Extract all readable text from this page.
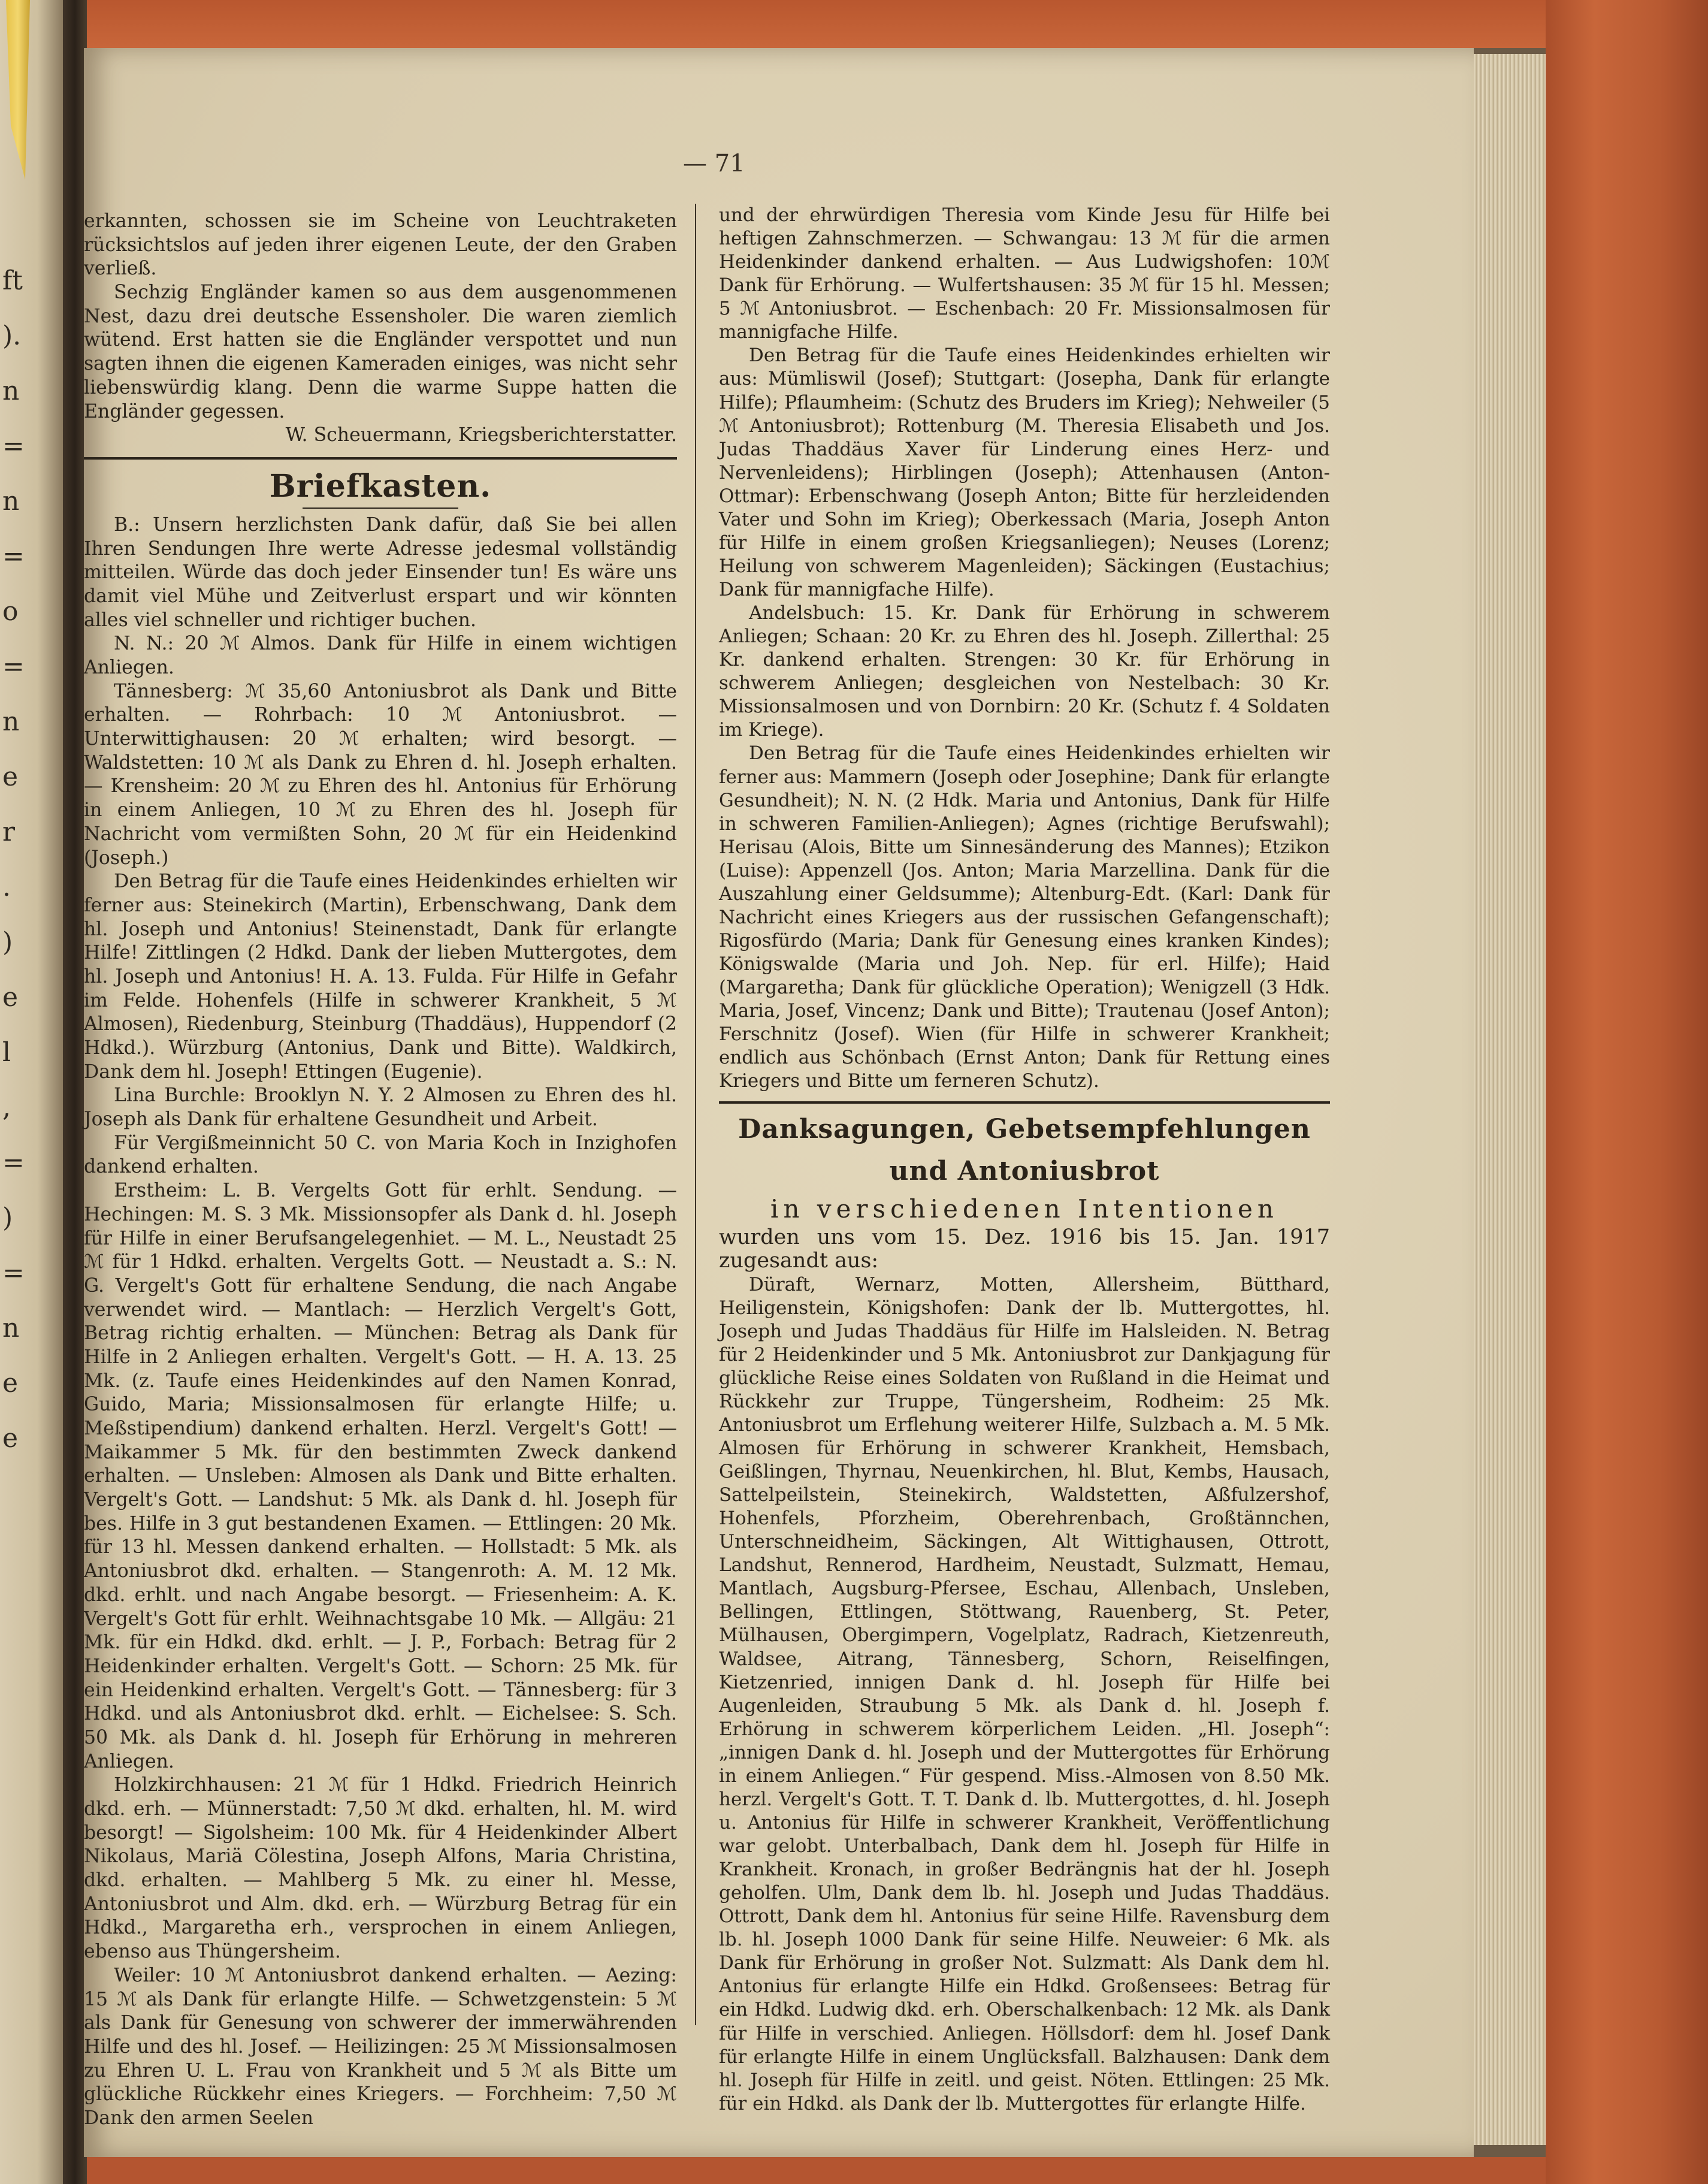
ft
).
n
=
n
=
o
=
n
e
r
.
)
e
l
,
=
)
=
n
e
e
— 71

erkannten, schossen sie im Scheine von Leuchtraketen rücksichtslos auf jeden ihrer eigenen Leute, der den Graben verließ.

Sechzig Engländer kamen so aus dem ausgenommenen Nest, dazu drei deutsche Essensholer. Die waren ziemlich wütend. Erst hatten sie die Engländer verspottet und nun sagten ihnen die eigenen Kameraden einiges, was nicht sehr liebenswürdig klang. Denn die warme Suppe hatten die Engländer gegessen.

W. Scheuermann, Kriegsberichterstatter.

Briefkasten.

B.: Unsern herzlichsten Dank dafür, daß Sie bei allen Ihren Sendungen Ihre werte Adresse jedesmal vollständig mitteilen. Würde das doch jeder Einsender tun! Es wäre uns damit viel Mühe und Zeitverlust erspart und wir könnten alles viel schneller und richtiger buchen.

N. N.: 20 ℳ Almos. Dank für Hilfe in einem wichtigen Anliegen.

Tännesberg: ℳ 35,60 Antoniusbrot als Dank und Bitte erhalten. — Rohrbach: 10 ℳ Antoniusbrot. — Unterwittighausen: 20 ℳ erhalten; wird besorgt. — Waldstetten: 10 ℳ als Dank zu Ehren d. hl. Joseph erhalten. — Krensheim: 20 ℳ zu Ehren des hl. Antonius für Erhörung in einem Anliegen, 10 ℳ zu Ehren des hl. Joseph für Nachricht vom vermißten Sohn, 20 ℳ für ein Heidenkind (Joseph.)

Den Betrag für die Taufe eines Heidenkindes erhielten wir ferner aus: Steinekirch (Martin), Erbenschwang, Dank dem hl. Joseph und Antonius! Steinenstadt, Dank für erlangte Hilfe! Zittlingen (2 Hdkd. Dank der lieben Muttergotes, dem hl. Joseph und Antonius! H. A. 13. Fulda. Für Hilfe in Gefahr im Felde. Hohenfels (Hilfe in schwerer Krankheit, 5 ℳ Almosen), Riedenburg, Steinburg (Thaddäus), Huppendorf (2 Hdkd.). Würzburg (Antonius, Dank und Bitte). Waldkirch, Dank dem hl. Joseph! Ettingen (Eugenie).

Lina Burchle: Brooklyn N. Y. 2 Almosen zu Ehren des hl. Joseph als Dank für erhaltene Gesundheit und Arbeit.

Für Vergißmeinnicht 50 C. von Maria Koch in Inzighofen dankend erhalten.

Erstheim: L. B. Vergelts Gott für erhlt. Sendung. — Hechingen: M. S. 3 Mk. Missionsopfer als Dank d. hl. Joseph für Hilfe in einer Berufsangelegenhiet. — M. L., Neustadt 25 ℳ für 1 Hdkd. erhalten. Vergelts Gott. — Neustadt a. S.: N. G. Vergelt's Gott für erhaltene Sendung, die nach Angabe verwendet wird. — Mantlach: — Herzlich Vergelt's Gott, Betrag richtig erhalten. — München: Betrag als Dank für Hilfe in 2 Anliegen erhalten. Vergelt's Gott. — H. A. 13. 25 Mk. (z. Taufe eines Heidenkindes auf den Namen Konrad, Guido, Maria; Missionsalmosen für erlangte Hilfe; u. Meßstipendium) dankend erhalten. Herzl. Vergelt's Gott! — Maikammer 5 Mk. für den bestimmten Zweck dankend erhalten. — Unsleben: Almosen als Dank und Bitte erhalten. Vergelt's Gott. — Landshut: 5 Mk. als Dank d. hl. Joseph für bes. Hilfe in 3 gut bestandenen Examen. — Ettlingen: 20 Mk. für 13 hl. Messen dankend erhalten. — Hollstadt: 5 Mk. als Antoniusbrot dkd. erhalten. — Stangenroth: A. M. 12 Mk. dkd. erhlt. und nach Angabe besorgt. — Friesenheim: A. K. Vergelt's Gott für erhlt. Weihnachtsgabe 10 Mk. — Allgäu: 21 Mk. für ein Hdkd. dkd. erhlt. — J. P., Forbach: Betrag für 2 Heidenkinder erhalten. Vergelt's Gott. — Schorn: 25 Mk. für ein Heidenkind erhalten. Vergelt's Gott. — Tännesberg: für 3 Hdkd. und als Antoniusbrot dkd. erhlt. — Eichelsee: S. Sch. 50 Mk. als Dank d. hl. Joseph für Erhörung in mehreren Anliegen.

Holzkirchhausen: 21 ℳ für 1 Hdkd. Friedrich Heinrich dkd. erh. — Münnerstadt: 7,50 ℳ dkd. erhalten, hl. M. wird besorgt! — Sigolsheim: 100 Mk. für 4 Heidenkinder Albert Nikolaus, Mariä Cölestina, Joseph Alfons, Maria Christina, dkd. erhalten. — Mahlberg 5 Mk. zu einer hl. Messe, Antoniusbrot und Alm. dkd. erh. — Würzburg Betrag für ein Hdkd., Margaretha erh., versprochen in einem Anliegen, ebenso aus Thüngersheim.

Weiler: 10 ℳ Antoniusbrot dankend erhalten. — Aezing: 15 ℳ als Dank für erlangte Hilfe. — Schwetzgenstein: 5 ℳ als Dank für Genesung von schwerer der immerwährenden Hilfe und des hl. Josef. — Heilizingen: 25 ℳ Missionsalmosen zu Ehren U. L. Frau von Krankheit und 5 ℳ als Bitte um glückliche Rückkehr eines Kriegers. — Forchheim: 7,50 ℳ Dank den armen Seelen

und der ehrwürdigen Theresia vom Kinde Jesu für Hilfe bei heftigen Zahnschmerzen. — Schwangau: 13 ℳ für die armen Heidenkinder dankend erhalten. — Aus Ludwigshofen: 10ℳ Dank für Erhörung. — Wulfertshausen: 35 ℳ für 15 hl. Messen; 5 ℳ Antoniusbrot. — Eschenbach: 20 Fr. Missionsalmosen für mannigfache Hilfe.

Den Betrag für die Taufe eines Heidenkindes erhielten wir aus: Mümliswil (Josef); Stuttgart: (Josepha, Dank für erlangte Hilfe); Pflaumheim: (Schutz des Bruders im Krieg); Nehweiler (5 ℳ Antoniusbrot); Rottenburg (M. Theresia Elisabeth und Jos. Judas Thaddäus Xaver für Linderung eines Herz- und Nervenleidens); Hirblingen (Joseph); Attenhausen (Anton-Ottmar): Erbenschwang (Joseph Anton; Bitte für herzleidenden Vater und Sohn im Krieg); Oberkessach (Maria, Joseph Anton für Hilfe in einem großen Kriegsanliegen); Neuses (Lorenz; Heilung von schwerem Magenleiden); Säckingen (Eustachius; Dank für mannigfache Hilfe).

Andelsbuch: 15. Kr. Dank für Erhörung in schwerem Anliegen; Schaan: 20 Kr. zu Ehren des hl. Joseph. Zillerthal: 25 Kr. dankend erhalten. Strengen: 30 Kr. für Erhörung in schwerem Anliegen; desgleichen von Nestelbach: 30 Kr. Missionsalmosen und von Dornbirn: 20 Kr. (Schutz f. 4 Soldaten im Kriege).

Den Betrag für die Taufe eines Heidenkindes erhielten wir ferner aus: Mammern (Joseph oder Josephine; Dank für erlangte Gesundheit); N. N. (2 Hdk. Maria und Antonius, Dank für Hilfe in schweren Familien-Anliegen); Agnes (richtige Berufswahl); Herisau (Alois, Bitte um Sinnesänderung des Mannes); Etzikon (Luise): Appenzell (Jos. Anton; Maria Marzellina. Dank für die Auszahlung einer Geldsumme); Altenburg-Edt. (Karl: Dank für Nachricht eines Kriegers aus der russischen Gefangenschaft); Rigosfürdo (Maria; Dank für Genesung eines kranken Kindes); Königswalde (Maria und Joh. Nep. für erl. Hilfe); Haid (Margaretha; Dank für glückliche Operation); Wenigzell (3 Hdk. Maria, Josef, Vincenz; Dank und Bitte); Trautenau (Josef Anton); Ferschnitz (Josef). Wien (für Hilfe in schwerer Krankheit; endlich aus Schönbach (Ernst Anton; Dank für Rettung eines Kriegers und Bitte um ferneren Schutz).

Danksagungen, Gebetsempfehlungen und Antoniusbrot
in verschiedenen Intentionen

wurden uns vom 15. Dez. 1916 bis 15. Jan. 1917 zugesandt aus:

Düraft, Wernarz, Motten, Allersheim, Bütthard, Heiligenstein, Königshofen: Dank der lb. Muttergottes, hl. Joseph und Judas Thaddäus für Hilfe im Halsleiden. N. Betrag für 2 Heidenkinder und 5 Mk. Antoniusbrot zur Dankjagung für glückliche Reise eines Soldaten von Rußland in die Heimat und Rückkehr zur Truppe, Tüngersheim, Rodheim: 25 Mk. Antoniusbrot um Erflehung weiterer Hilfe, Sulzbach a. M. 5 Mk. Almosen für Erhörung in schwerer Krankheit, Hemsbach, Geißlingen, Thyrnau, Neuenkirchen, hl. Blut, Kembs, Hausach, Sattelpeilstein, Steinekirch, Waldstetten, Aßfulzershof, Hohenfels, Pforzheim, Oberehrenbach, Großtännchen, Unterschneidheim, Säckingen, Alt Wittighausen, Ottrott, Landshut, Rennerod, Hardheim, Neustadt, Sulzmatt, Hemau, Mantlach, Augsburg-Pfersee, Eschau, Allenbach, Unsleben, Bellingen, Ettlingen, Stöttwang, Rauenberg, St. Peter, Mülhausen, Obergimpern, Vogelplatz, Radrach, Kietzenreuth, Waldsee, Aitrang, Tännesberg, Schorn, Reiselfingen, Kietzenried, innigen Dank d. hl. Joseph für Hilfe bei Augenleiden, Straubung 5 Mk. als Dank d. hl. Joseph f. Erhörung in schwerem körperlichem Leiden. „Hl. Joseph“: „innigen Dank d. hl. Joseph und der Muttergottes für Erhörung in einem Anliegen.“ Für gespend. Miss.-Almosen von 8.50 Mk. herzl. Vergelt's Gott. T. T. Dank d. lb. Muttergottes, d. hl. Joseph u. Antonius für Hilfe in schwerer Krankheit, Veröffentlichung war gelobt. Unterbalbach, Dank dem hl. Joseph für Hilfe in Krankheit. Kronach, in großer Bedrängnis hat der hl. Joseph geholfen. Ulm, Dank dem lb. hl. Joseph und Judas Thaddäus. Ottrott, Dank dem hl. Antonius für seine Hilfe. Ravensburg dem lb. hl. Joseph 1000 Dank für seine Hilfe. Neuweier: 6 Mk. als Dank für Erhörung in großer Not. Sulzmatt: Als Dank dem hl. Antonius für erlangte Hilfe ein Hdkd. Großensees: Betrag für ein Hdkd. Ludwig dkd. erh. Oberschalkenbach: 12 Mk. als Dank für Hilfe in verschied. Anliegen. Höllsdorf: dem hl. Josef Dank für erlangte Hilfe in einem Unglücksfall. Balzhausen: Dank dem hl. Joseph für Hilfe in zeitl. und geist. Nöten. Ettlingen: 25 Mk. für ein Hdkd. als Dank der lb. Muttergottes für erlangte Hilfe.
